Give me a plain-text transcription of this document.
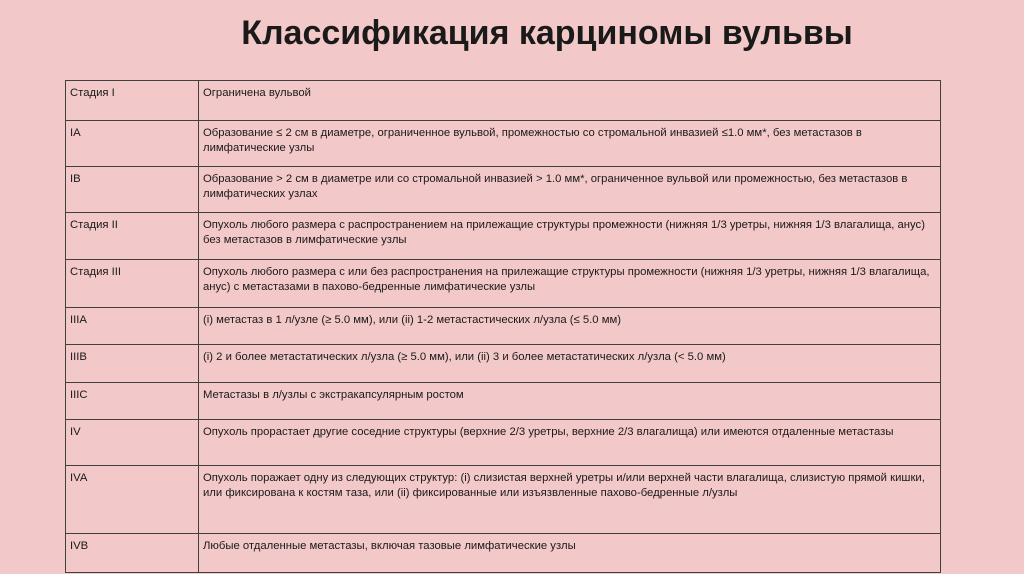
Классификация карциномы вульвы
Стадия I	Ограничена вульвой
IA	Образование ≤ 2 см в диаметре, ограниченное вульвой, промежностью со стромальной инвазией ≤1.0 мм*, без метастазов в лимфатические узлы
IB	Образование > 2 см в диаметре или со стромальной инвазией > 1.0 мм*, ограниченное вульвой или промежностью, без метастазов в лимфатических узлах
Стадия II	Опухоль любого размера с распространением на прилежащие структуры промежности (нижняя 1/3 уретры, нижняя 1/3 влагалища, анус) без метастазов в лимфатические узлы
Стадия III	Опухоль любого размера с или без распространения на прилежащие структуры промежности (нижняя 1/3 уретры, нижняя 1/3 влагалища, анус) с метастазами в пахово-бедренные лимфатические узлы
IIIA	(i) метастаз в 1 л/узле (≥ 5.0 мм), или (ii) 1-2 метастастических л/узла (≤ 5.0 мм)
IIIB	(i) 2 и более метастатических л/узла (≥ 5.0 мм), или (ii) 3 и более метастатических л/узла (< 5.0 мм)
IIIC	Метастазы в л/узлы с экстракапсулярным ростом
IV	Опухоль прорастает другие соседние структуры (верхние 2/3 уретры, верхние 2/3 влагалища) или имеются отдаленные метастазы
IVA	Опухоль поражает одну из следующих структур: (i) слизистая верхней уретры и/или верхней части влагалища, слизистую прямой кишки, или фиксирована к костям таза, или (ii) фиксированные или изъязвленные пахово-бедренные л/узлы
IVB	Любые отдаленные метастазы, включая тазовые лимфатические узлы
